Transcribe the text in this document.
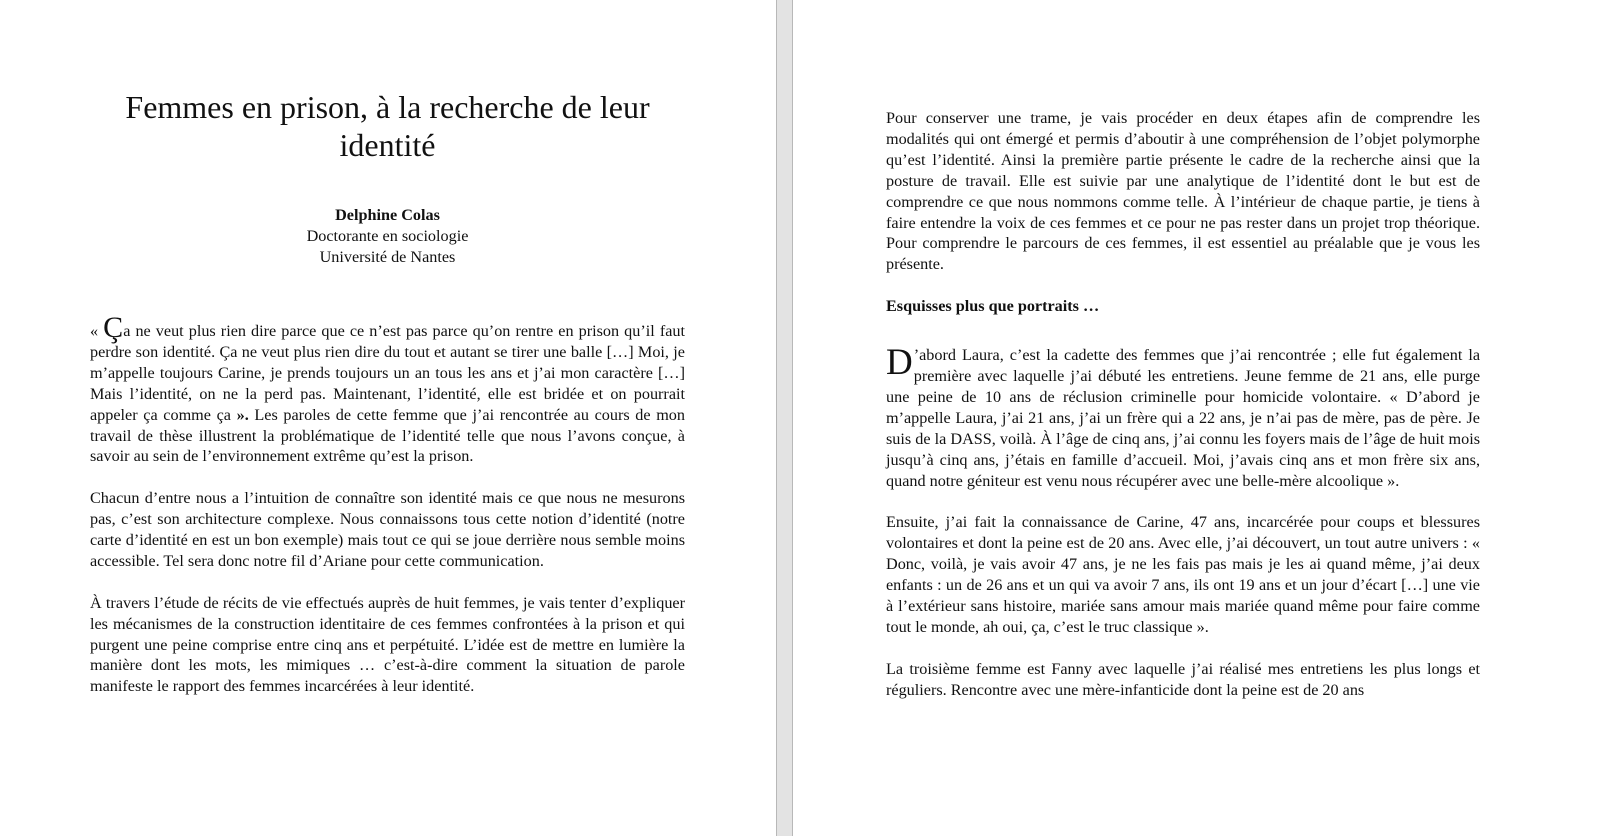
Femmes en prison, à la recherche de leur identité
Delphine Colas
Doctorante en sociologie
Université de Nantes

« Ça ne veut plus rien dire parce que ce n’est pas parce qu’on rentre en prison qu’il faut perdre son identité. Ça ne veut plus rien dire du tout et autant se tirer une balle […] Moi, je m’appelle toujours Carine, je prends toujours un an tous les ans et j’ai mon caractère […] Mais l’identité, on ne la perd pas. Maintenant, l’identité, elle est bridée et on pourrait appeler ça comme ça ». Les paroles de cette femme que j’ai rencontrée au cours de mon travail de thèse illustrent la problématique de l’identité telle que nous l’avons conçue, à savoir au sein de l’environnement extrême qu’est la prison.

Chacun d’entre nous a l’intuition de connaître son identité mais ce que nous ne mesurons pas, c’est son architecture complexe. Nous connaissons tous cette notion d’identité (notre carte d’identité en est un bon exemple) mais tout ce qui se joue derrière nous semble moins accessible. Tel sera donc notre fil d’Ariane pour cette communication.

À travers l’étude de récits de vie effectués auprès de huit femmes, je vais tenter d’expliquer les mécanismes de la construction identitaire de ces femmes confrontées à la prison et qui purgent une peine comprise entre cinq ans et perpétuité. L’idée est de mettre en lumière la manière dont les mots, les mimiques … c’est-à-dire comment la situation de parole manifeste le rapport des femmes incarcérées à leur identité.

Pour conserver une trame, je vais procéder en deux étapes afin de comprendre les modalités qui ont émergé et permis d’aboutir à une compréhension de l’objet polymorphe qu’est l’identité. Ainsi la première partie présente le cadre de la recherche ainsi que la posture de travail. Elle est suivie par une analytique de l’identité dont le but est de comprendre ce que nous nommons comme telle. À l’intérieur de chaque partie, je tiens à faire entendre la voix de ces femmes et ce pour ne pas rester dans un projet trop théorique. Pour comprendre le parcours de ces femmes, il est essentiel au préalable que je vous les présente.

Esquisses plus que portraits …

D ’abord Laura, c’est la cadette des femmes que j’ai rencontrée ; elle fut également la première avec laquelle j’ai débuté les entretiens. Jeune femme de 21 ans, elle purge une peine de 10 ans de réclusion criminelle pour homicide volontaire. « D’abord je m’appelle Laura, j’ai 21 ans, j’ai un frère qui a 22 ans, je n’ai pas de mère, pas de père. Je suis de la DASS, voilà. À l’âge de cinq ans, j’ai connu les foyers mais de l’âge de huit mois jusqu’à cinq ans, j’étais en famille d’accueil. Moi, j’avais cinq ans et mon frère six ans, quand notre géniteur est venu nous récupérer avec une belle-mère alcoolique ».

Ensuite, j’ai fait la connaissance de Carine, 47 ans, incarcérée pour coups et blessures volontaires et dont la peine est de 20 ans. Avec elle, j’ai découvert, un tout autre univers : « Donc, voilà, je vais avoir 47 ans, je ne les fais pas mais je les ai quand même, j’ai deux enfants : un de 26 ans et un qui va avoir 7 ans, ils ont 19 ans et un jour d’écart […] une vie à l’extérieur sans histoire, mariée sans amour mais mariée quand même pour faire comme tout le monde, ah oui, ça, c’est le truc classique ».

La troisième femme est Fanny avec laquelle j’ai réalisé mes entretiens les plus longs et réguliers. Rencontre avec une mère-infanticide dont la peine est de 20 ans
